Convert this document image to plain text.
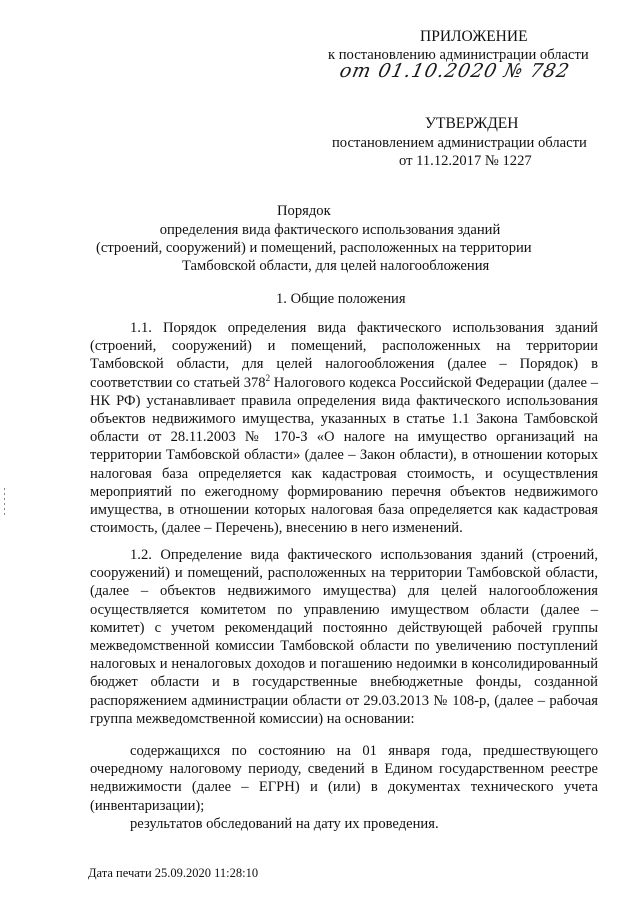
ПРИЛОЖЕНИЕ
к постановлению администрации области
от 01.10.2020 № 782
УТВЕРЖДЕН
постановлением администрации области
от 11.12.2017 № 1227
Порядок
определения вида фактического использования зданий
(строений, сооружений) и помещений, расположенных на территории
Тамбовской области, для целей налогообложения
1. Общие положения

1.1. Порядок определения вида фактического использования зданий (строений, сооружений) и помещений, расположенных на территории Тамбовской области, для целей налогообложения (далее – Порядок) в соответствии со статьей $378^2$ Налогового кодекса Российской Федерации (далее – НК РФ) устанавливает правила определения вида фактического использования объектов недвижимого имущества, указанных в статье 1.1 Закона Тамбовской области от 28.11.2003 № 170-З «О налоге на имущество организаций на территории Тамбовской области» (далее – Закон области), в отношении которых налоговая база определяется как кадастровая стоимость, и осуществления мероприятий по ежегодному формированию перечня объектов недвижимого имущества, в отношении которых налоговая база определяется как кадастровая стоимость, (далее – Перечень), внесению в него изменений.

1.2. Определение вида фактического использования зданий (строений, сооружений) и помещений, расположенных на территории Тамбовской области, (далее – объектов недвижимого имущества) для целей налогообложения осуществляется комитетом по управлению имуществом области (далее – комитет) с учетом рекомендаций постоянно действующей рабочей группы межведомственной комиссии Тамбовской области по увеличению поступлений налоговых и неналоговых доходов и погашению недоимки в консолидированный бюджет области и в государственные внебюджетные фонды, созданной распоряжением администрации области от 29.03.2013 № 108-р, (далее – рабочая группа межведомственной комиссии) на основании:

содержащихся по состоянию на 01 января года, предшествующего очередному налоговому периоду, сведений в Едином государственном реестре недвижимости (далее – ЕГРН) и (или) в документах технического учета (инвентаризации);

результатов обследований на дату их проведения.

Дата печати 25.09.2020 11:28:10
